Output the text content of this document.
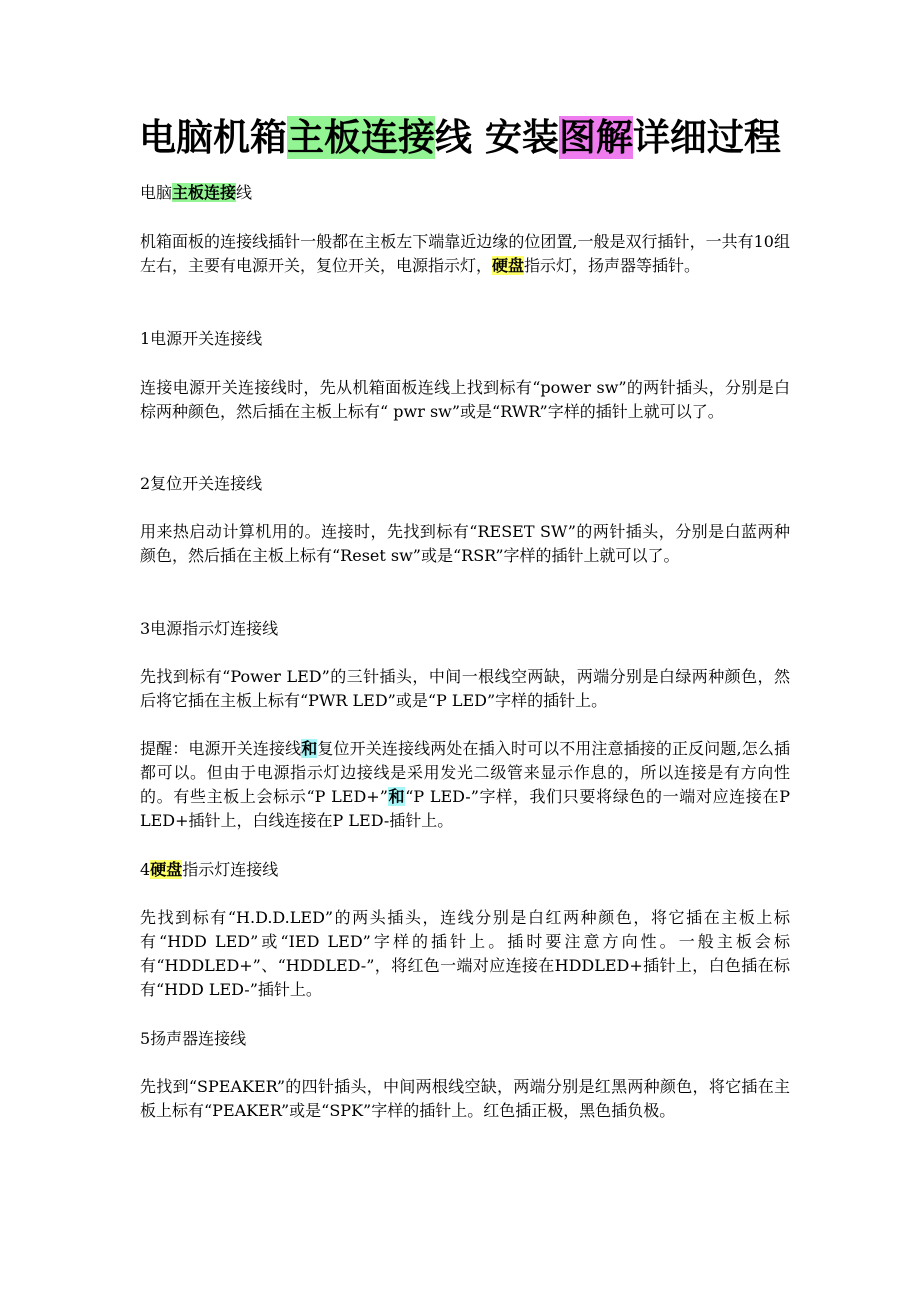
电脑机箱主板连接线 安装图解详细过程

电脑主板连接线

机箱面板的连接线插针一般都在主板左下端靠近边缘的位团置,一般是双行插针，一共有10组左右，主要有电源开关，复位开关，电源指示灯，硬盘指示灯，扬声器等插针。

1电源开关连接线

连接电源开关连接线时，先从机箱面板连线上找到标有“power sw”的两针插头，分别是白棕两种颜色，然后插在主板上标有“ pwr sw”或是“RWR”字样的插针上就可以了。

2复位开关连接线

用来热启动计算机用的。连接时，先找到标有“RESET SW”的两针插头，分别是白蓝两种颜色，然后插在主板上标有“Reset sw”或是“RSR”字样的插针上就可以了。

3电源指示灯连接线

先找到标有“Power LED”的三针插头，中间一根线空两缺，两端分别是白绿两种颜色，然后将它插在主板上标有“PWR LED”或是“P LED”字样的插针上。

提醒：电源开关连接线和复位开关连接线两处在插入时可以不用注意插接的正反问题,怎么插都可以。但由于电源指示灯边接线是采用发光二级管来显示作息的，所以连接是有方向性的。有些主板上会标示“P LED+”和“P LED-”字样，我们只要将绿色的一端对应连接在P LED+插针上，白线连接在P LED-插针上。

4硬盘指示灯连接线

先找到标有“H.D.D.LED”的两头插头，连线分别是白红两种颜色，将它插在主板上标有“HDD LED”或“IED LED”字样的插针上。插时要注意方向性。一般主板会标有“HDDLED+”、“HDDLED-”，将红色一端对应连接在HDDLED+插针上，白色插在标有“HDD LED-”插针上。

5扬声器连接线

先找到“SPEAKER”的四针插头，中间两根线空缺，两端分别是红黑两种颜色，将它插在主板上标有“PEAKER”或是“SPK”字样的插针上。红色插正极，黑色插负极。
